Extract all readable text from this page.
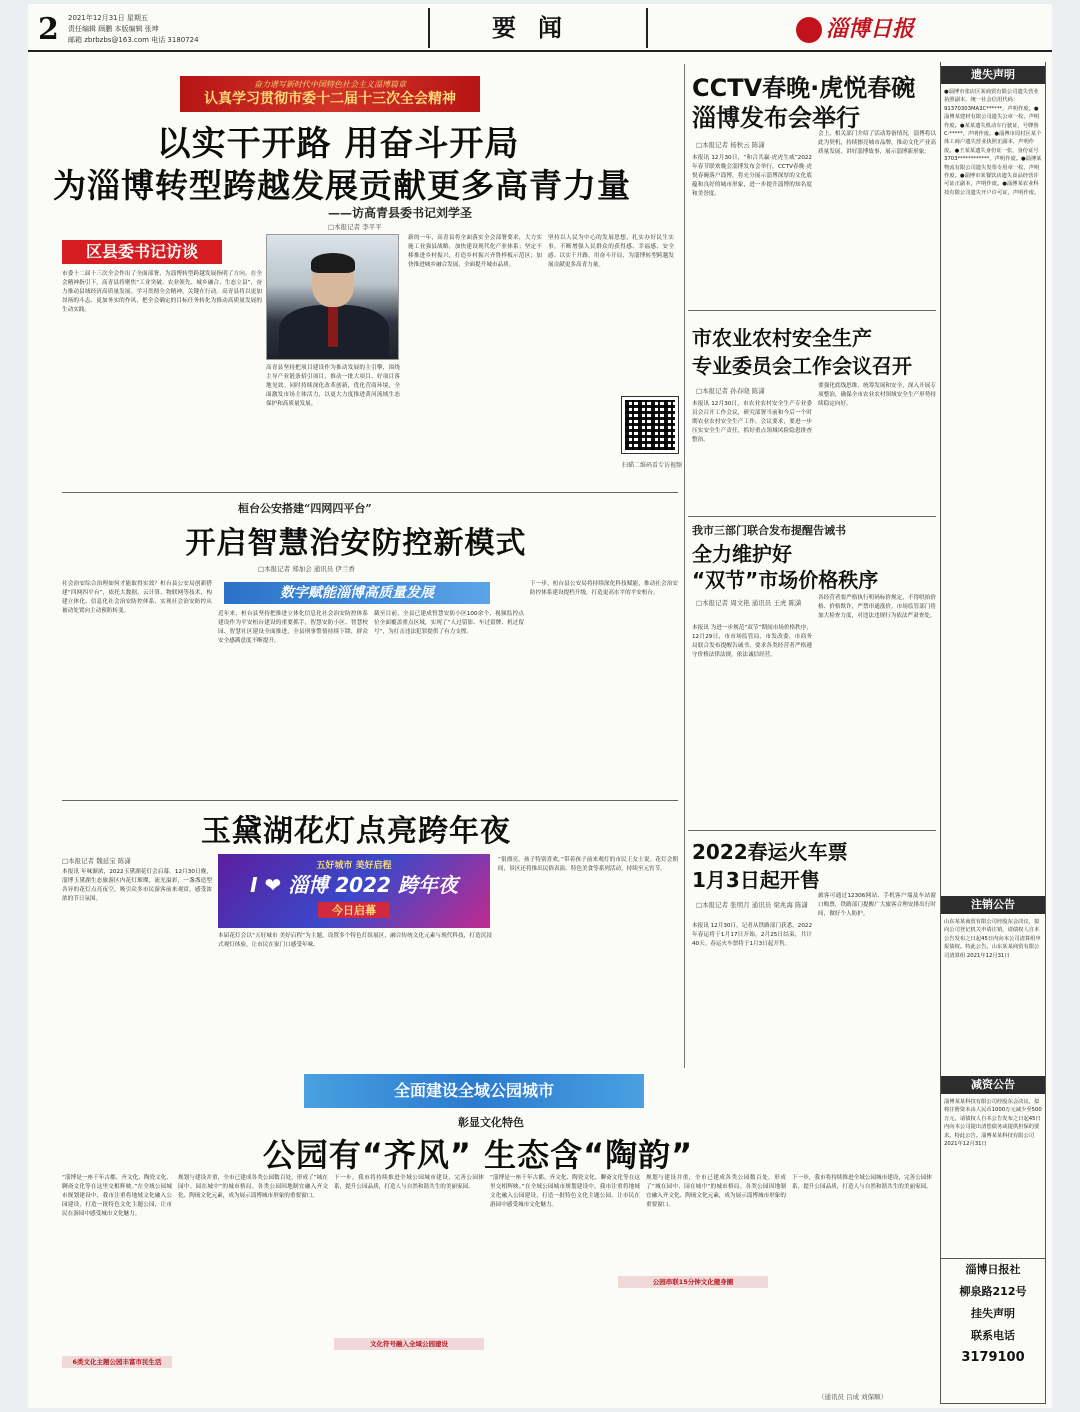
2 2021年12月31日 星期五
责任编辑 顾鹏 本版编辑 张坤
邮箱 zbrbzbs@163.com 电话 3180724	要闻	淄博日报
奋力谱写新时代中国特色社会主义淄博篇章
认真学习贯彻市委十二届十三次全会精神
以实干开路 用奋斗开局
为淄博转型跨越发展贡献更多高青力量
——访高青县委书记刘学圣
□本报记者 李平平
区县委书记访谈
市委十二届十三次全会作出了全面部署，为淄博转型跨越发展指明了方向。在全会精神指引下，高青县将聚焦“工业突破、农业领先、城乡融合、生态立县”，奋力推动县域经济高质量发展。学习贯彻全会精神，关键在行动。高青县将以更加昂扬的斗志、更加务实的作风，把全会确定的目标任务转化为推动高质量发展的生动实践。
高青县坚持把项目建设作为推动发展的主引擎，围绕主导产业链条招引项目，推动一批大项目、好项目落地见效。同时持续深化改革创新，优化营商环境，全面激发市场主体活力，以更大力度推进黄河流域生态保护和高质量发展。
新的一年，高青县将全面落实全会部署要求，大力实施工业强县战略，加快建设现代化产业体系；坚定不移推进乡村振兴，打造乡村振兴齐鲁样板示范区；加快推进城乡融合发展，全面提升城市品质。
坚持以人民为中心的发展思想，扎实办好民生实事，不断增强人民群众的获得感、幸福感、安全感。以实干开路，用奋斗开局，为淄博转型跨越发展贡献更多高青力量。
扫描二维码看专访视频
桓台公安搭建“四网四平台”
开启智慧治安防控新模式
□本报记者 郑加会 通讯员 伊兰香
数字赋能淄博高质量发展
社会治安综合治理如何才能取得实效？桓台县公安局创新搭建“四网四平台”，依托大数据、云计算、物联网等技术，构建立体化、信息化社会治安防控体系，实现社会治安防控从被动处置向主动预防转变。	近年来，桓台县坚持把推进立体化信息化社会治安防控体系建设作为平安桓台建设的重要抓手，智慧安防小区、智慧校园、智慧社区建设全面推进，全县刑事警情持续下降，群众安全感满意度不断提升。
截至目前，全县已建成智慧安防小区100余个，视频监控点位全面覆盖重点区域，实现了“人过留影、车过留牌、机过留号”，为打击违法犯罪提供了有力支撑。
下一步，桓台县公安局将持续深化科技赋能，推动社会治安防控体系建设提档升级，打造更高水平的平安桓台。
玉黛湖花灯点亮跨年夜
□本报记者 魏延宝 陈潇	五好城市 美好启程
I ❤ 淄博 2022 跨年夜
今日启幕
本报讯 年味渐浓，2022玉黛湖花灯会启幕。12月30日晚，淄博玉黛湖生态旅游区内花灯璀璨，流光溢彩，一盏盏造型各异的花灯点亮夜空，吸引众多市民游客前来观赏，感受浓浓的节日氛围。
本届花灯会以“五好城市 美好启程”为主题，设置多个特色灯组展区，融合传统文化元素与现代科技，打造沉浸式观灯体验，让市民在家门口感受年味。
“很漂亮，孩子特别喜欢。”带着孩子前来观灯的市民王女士说。花灯会期间，景区还将推出民俗表演、特色美食等系列活动，持续至元宵节。
全面建设全域公园城市
彰显文化特色
公园有“齐风” 生态含“陶韵”
“淄博是一座千年古都、齐文化、陶瓷文化、聊斋文化等在这里交相辉映。”在全域公园城市规划建设中，我市注重将地域文化融入公园建设，打造一批特色文化主题公园，让市民在游园中感受城市文化魅力。
规划与建设并重，全市已建成各类公园数百处，形成了“城在园中、园在城中”的城市格局。各类公园因地制宜融入齐文化、陶琉文化元素，成为展示淄博城市形象的重要窗口。
6类文化主题公园丰富市民生活
下一步，我市将持续推进全域公园城市建设，完善公园体系，提升公园品质，打造人与自然和谐共生的美丽家园。
文化符号融入全域公园建设
“淄博是一座千年古都、齐文化、陶瓷文化、聊斋文化等在这里交相辉映。”在全域公园城市规划建设中，我市注重将地域文化融入公园建设，打造一批特色文化主题公园，让市民在游园中感受城市文化魅力。
公园串联15分钟文化健身圈
规划与建设并重，全市已建成各类公园数百处，形成了“城在园中、园在城中”的城市格局。各类公园因地制宜融入齐文化、陶琉文化元素，成为展示淄博城市形象的重要窗口。
下一步，我市将持续推进全域公园城市建设，完善公园体系，提升公园品质，打造人与自然和谐共生的美丽家园。
（通讯员 吕成 刘保顺）
CCTV春晚·虎悦春碗
淄博发布会举行
□本报记者 杨秋云 陈潇
本报讯 12月30日，“和合共赢·虎虎生威”2022年春节联欢晚会淄博发布会举行。CCTV春晚·虎悦春碗落户淄博，将充分展示淄博深厚的文化底蕴和良好的城市形象，进一步提升淄博的知名度和美誉度。
会上，相关部门介绍了活动筹备情况，淄博将以此为契机，持续擦亮城市品牌，推动文化产业高质量发展，讲好淄博故事，展示淄博新形象。
市农业农村安全生产
专业委员会工作会议召开
□本报记者 孙春晓 陈潇
本报讯 12月30日，市农业农村安全生产专业委员会召开工作会议，研究部署当前和今后一个时期农业农村安全生产工作。会议要求，要进一步压实安全生产责任，抓好重点领域风险隐患排查整治。
要强化底线思维，统筹发展和安全，深入开展专项整治，确保全市农业农村领域安全生产形势持续稳定向好。
我市三部门联合发布提醒告诫书
全力维护好
“双节”市场价格秩序
□本报记者 周文艳 通讯员 王虎 陈潇
本报讯 为进一步规范“双节”期间市场价格秩序，12月29日，市市场监管局、市发改委、市商务局联合发布提醒告诫书，要求各类经营者严格遵守价格法律法规，依法诚信经营。
各经营者要严格执行明码标价规定，不得哄抬价格、价格欺诈，严禁串通涨价。市场监管部门将加大检查力度，对违法违规行为依法严肃查处。
2022春运火车票
1月3日起开售
□本报记者 张明月 通讯员 梁兆海 陈潇
本报讯 12月30日，记者从铁路部门获悉，2022年春运将于1月17日开始，2月25日结束，共计40天。春运火车票将于1月3日起开售。
旅客可通过12306网站、手机客户端及车站窗口购票，铁路部门提醒广大旅客合理安排出行时间，做好个人防护。
遗失声明
●淄博市张店区某商贸有限公司遗失营业执照副本，统一社会信用代码：91370303MA3C******，声明作废。●淄博某建材有限公司遗失公章一枚，声明作废。●某某遗失机动车行驶证，号牌鲁C·*****，声明作废。●淄博市周村区某个体工商户遗失营业执照正副本，声明作废。●王某某遗失身份证一张，身份证号3703************，声明作废。●淄博某物流有限公司遗失发票专用章一枚，声明作废。●淄博市某餐饮店遗失食品经营许可证正副本，声明作废。●淄博某农业科技有限公司遗失开户许可证，声明作废。
注销公告
山东某某商贸有限公司经股东会决议，拟向公司登记机关申请注销，请债权人自本公告发布之日起45日内向本公司清算组申报债权。特此公告。山东某某商贸有限公司清算组 2021年12月31日
减资公告
淄博某某科技有限公司经股东会决议，拟将注册资本由人民币1000万元减少至500万元，请债权人自本公告发布之日起45日内向本公司提出清偿债务或提供担保的要求。特此公告。淄博某某科技有限公司 2021年12月31日
淄博日报社
柳泉路212号
挂失声明
联系电话
3179100
